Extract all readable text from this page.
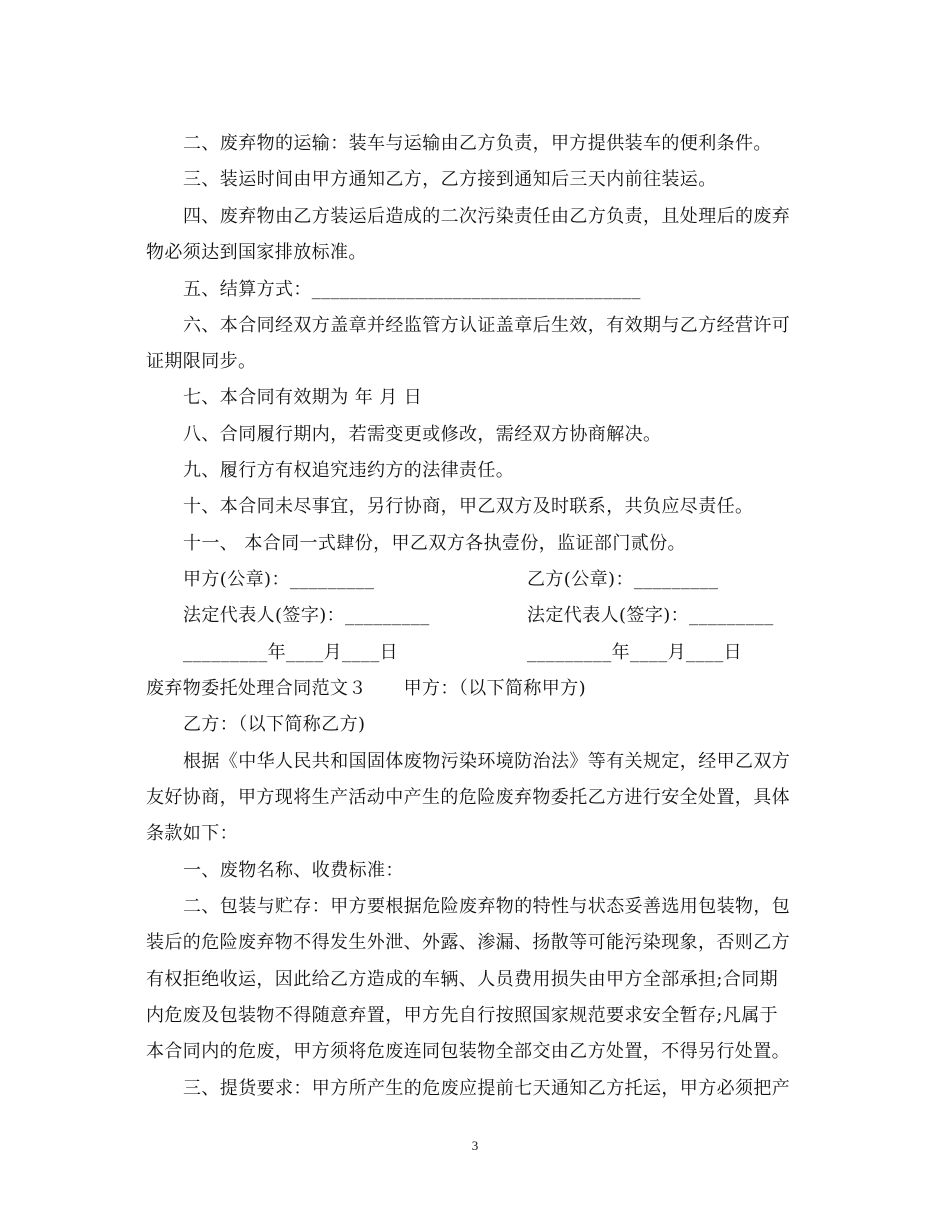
二、废弃物的运输：装车与运输由乙方负责，甲方提供装车的便利条件。
三、装运时间由甲方通知乙方，乙方接到通知后三天内前往装运。
四、废弃物由乙方装运后造成的二次污染责任由乙方负责，且处理后的废弃
物必须达到国家排放标准。
五、结算方式：___________________________________
六、本合同经双方盖章并经监管方认证盖章后生效，有效期与乙方经营许可
证期限同步。
七、本合同有效期为 年 月 日
八、合同履行期内，若需变更或修改，需经双方协商解决。
九、履行方有权追究违约方的法律责任。
十、本合同未尽事宜，另行协商，甲乙双方及时联系，共负应尽责任。
十一、 本合同一式肆份，甲乙双方各执壹份，监证部门贰份。
甲方(公章)：_________	乙方(公章)：_________
法定代表人(签字)：_________	法定代表人(签字)：_________
_________年____月____日	_________年____月____日
废弃物委托处理合同范文３　　甲方：（以下简称甲方)
乙方：（以下简称乙方)
根据《中华人民共和国固体废物污染环境防治法》等有关规定，经甲乙双方
友好协商，甲方现将生产活动中产生的危险废弃物委托乙方进行安全处置，具体
条款如下：
一、废物名称、收费标准：
二、包装与贮存：甲方要根据危险废弃物的特性与状态妥善选用包装物，包
装后的危险废弃物不得发生外泄、外露、渗漏、扬散等可能污染现象，否则乙方
有权拒绝收运，因此给乙方造成的车辆、人员费用损失由甲方全部承担;合同期
内危废及包装物不得随意弃置，甲方先自行按照国家规范要求安全暂存;凡属于
本合同内的危废，甲方须将危废连同包装物全部交由乙方处置，不得另行处置。
三、提货要求：甲方所产生的危废应提前七天通知乙方托运，甲方必须把产
3
